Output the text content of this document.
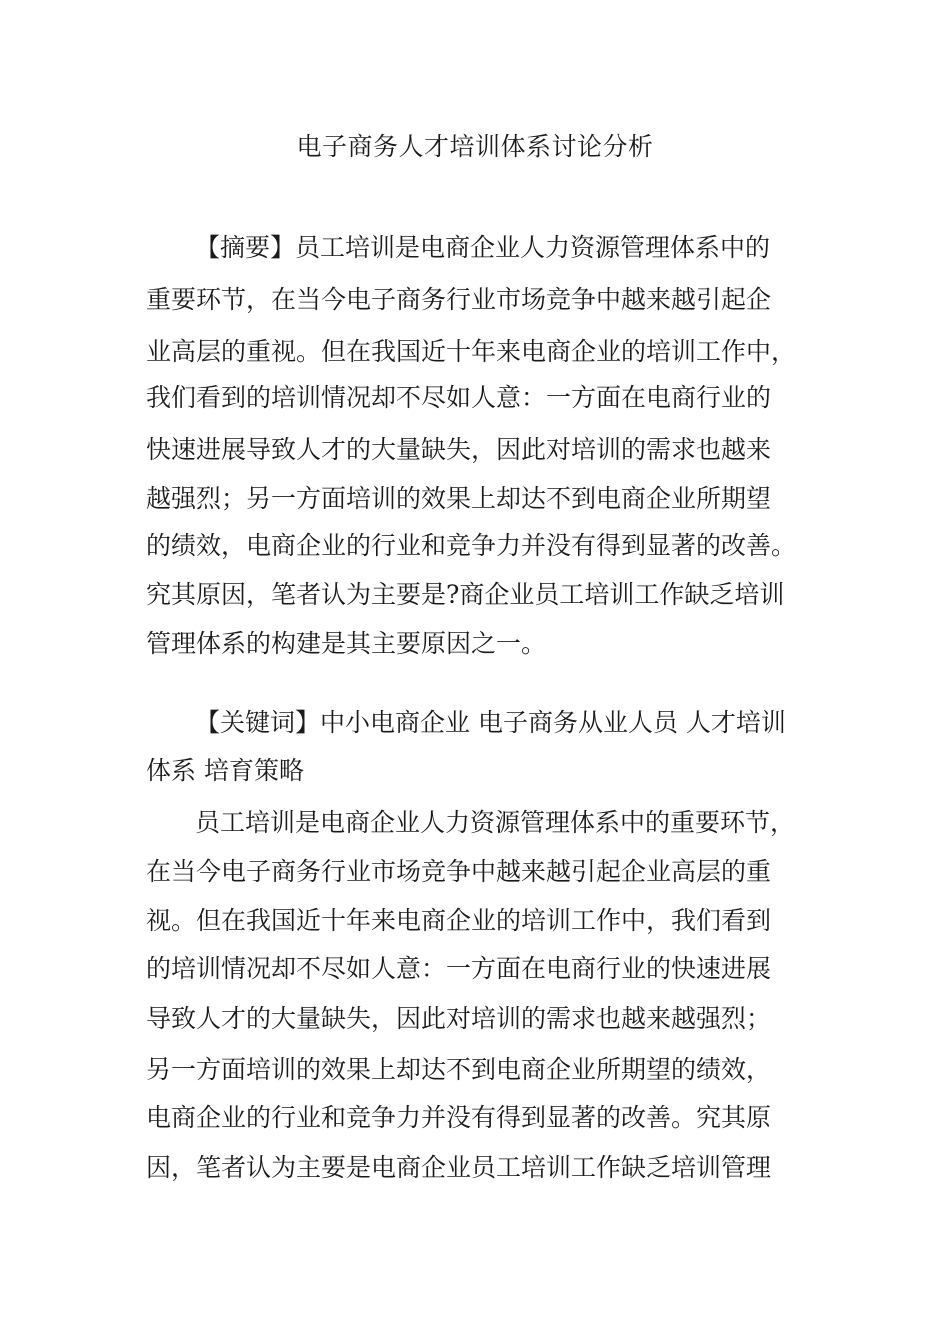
电子商务人才培训体系讨论分析
【摘要】员工培训是电商企业人力资源管理体系中的
重要环节，在当今电子商务行业市场竞争中越来越引起企
业高层的重视。但在我国近十年来电商企业的培训工作中，
我们看到的培训情况却不尽如人意：一方面在电商行业的
快速进展导致人才的大量缺失，因此对培训的需求也越来
越强烈；另一方面培训的效果上却达不到电商企业所期望
的绩效，电商企业的行业和竞争力并没有得到显著的改善。
究其原因，笔者认为主要是?商企业员工培训工作缺乏培训
管理体系的构建是其主要原因之一。
【关键词】中小电商企业 电子商务从业人员 人才培训
体系 培育策略
员工培训是电商企业人力资源管理体系中的重要环节，
在当今电子商务行业市场竞争中越来越引起企业高层的重
视。但在我国近十年来电商企业的培训工作中，我们看到
的培训情况却不尽如人意：一方面在电商行业的快速进展
导致人才的大量缺失，因此对培训的需求也越来越强烈；
另一方面培训的效果上却达不到电商企业所期望的绩效，
电商企业的行业和竞争力并没有得到显著的改善。究其原
因，笔者认为主要是电商企业员工培训工作缺乏培训管理
